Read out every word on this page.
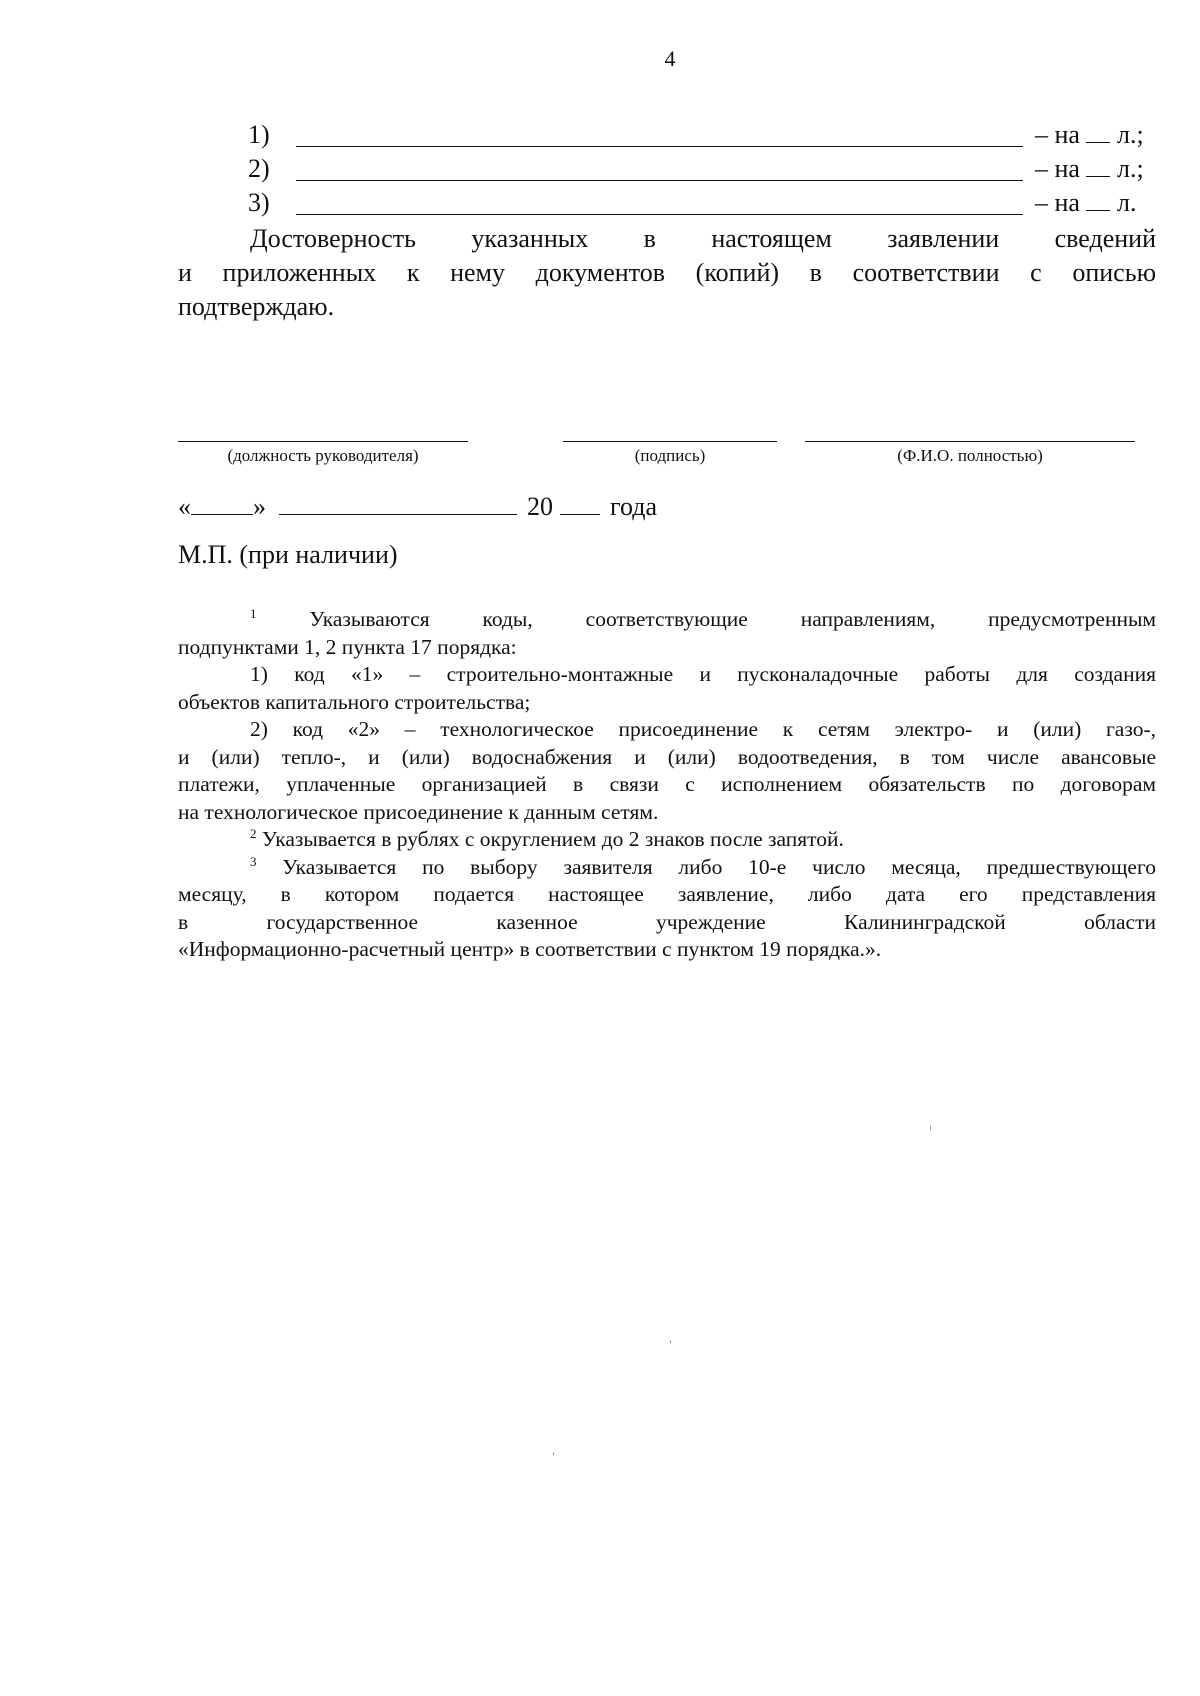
4
1)	– на  л.;
2)	– на  л.;
3)	– на  л.
Достоверность указанных в настоящем заявлении сведений
и приложенных к нему документов (копий) в соответствии с описью
подтверждаю.
(должность руководителя)	(подпись)	(Ф.И.О. полностью)
« »	20 года
М.П. (при наличии)
$^1$ Указываются коды, соответствующие направлениям, предусмотренным
подпунктами 1, 2 пункта 17 порядка:
1) код «1» – строительно-монтажные и пусконаладочные работы для создания
объектов капитального строительства;
2) код «2» – технологическое присоединение к сетям электро- и (или) газо-,
и (или) тепло-, и (или) водоснабжения и (или) водоотведения, в том числе авансовые
платежи, уплаченные организацией в связи с исполнением обязательств по договорам
на технологическое присоединение к данным сетям.
$^2$ Указывается в рублях с округлением до 2 знаков после запятой.
$^3$ Указывается по выбору заявителя либо 10-е число месяца, предшествующего
месяцу, в котором подается настоящее заявление, либо дата его представления
в государственное казенное учреждение Калининградской области
«Информационно-расчетный центр» в соответствии с пунктом 19 порядка.».
